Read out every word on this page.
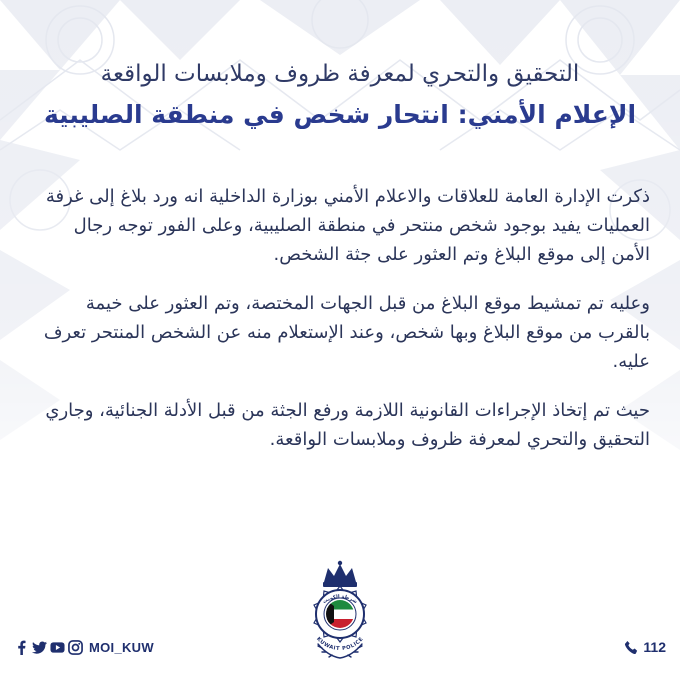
التحقيق والتحري لمعرفة ظروف وملابسات الواقعة

الإعلام الأمني: انتحار شخص في منطقة الصليبية

ذكرت الإدارة العامة للعلاقات والاعلام الأمني بوزارة الداخلية انه ورد بلاغ إلى غرفة العمليات يفيد بوجود شخص منتحر في منطقة الصليبية، وعلى الفور توجه رجال الأمن إلى موقع البلاغ وتم العثور على جثة الشخص.

وعليه تم تمشيط موقع البلاغ من قبل الجهات المختصة، وتم العثور على خيمة بالقرب من موقع البلاغ وبها شخص، وعند الإستعلام منه عن الشخص المنتحر تعرف عليه.

حيث تم إتخاذ الإجراءات القانونية اللازمة ورفع الجثة من قبل الأدلة الجنائية، وجاري التحقيق والتحري لمعرفة ظروف وملابسات الواقعة.

KUWAIT POLICE
شرطة الكويت
MOI_KUW	112
